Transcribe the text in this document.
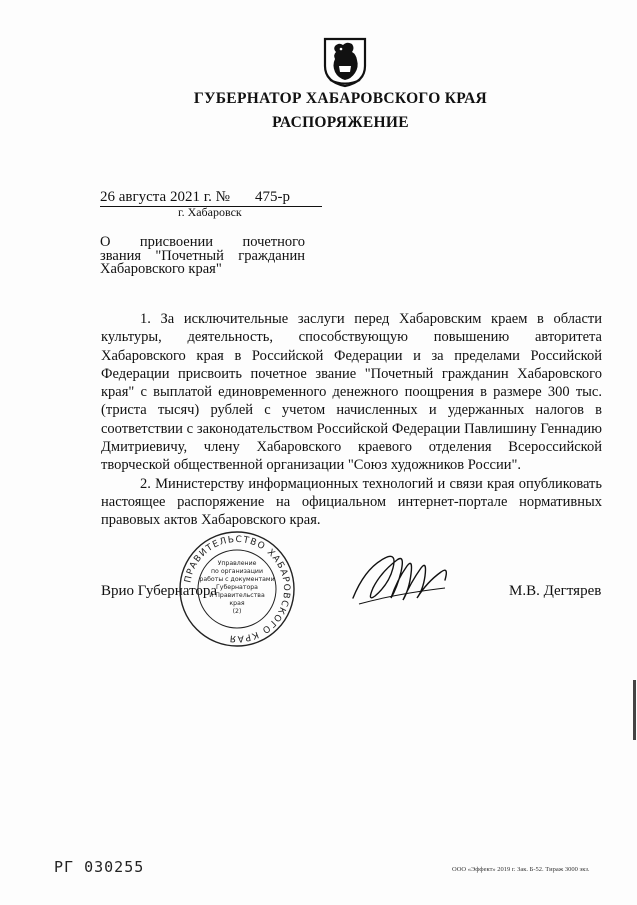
ГУБЕРНАТОР ХАБАРОВСКОГО КРАЯ
РАСПОРЯЖЕНИЕ
26 августа 2021 г. № 475-р
г. Хабаровск
О присвоении почетного
звания "Почетный гражданин
Хабаровского края"

1. За исключительные заслуги перед Хабаровским краем в области культуры, деятельность, способствующую повышению авторитета Хабаровского края в Российской Федерации и за пределами Российской Федерации присвоить почетное звание "Почетный гражданин Хабаровского края" с выплатой единовременного денежного поощрения в размере 300 тыс. (триста тысяч) рублей с учетом начисленных и удержанных налогов в соответствии с законодательством Российской Федерации Павлишину Геннадию Дмитриевичу, члену Хабаровского краевого отделения Всероссийской творческой общественной организации "Союз художников России".

2. Министерству информационных технологий и связи края опубликовать настоящее распоряжение на официальном интернет-портале нормативных правовых актов Хабаровского края.

Врио Губернатора	М.В. Дегтярев
ПРАВИТЕЛЬСТВО ХАБАРОВСКОГО КРАЯ
Управление
по организации
работы с документами
Губернатора
и Правительства
края
(2)
РГ 030255	ООО «Эффект» 2019 г. Зак. Б-52. Тираж 3000 экз.
